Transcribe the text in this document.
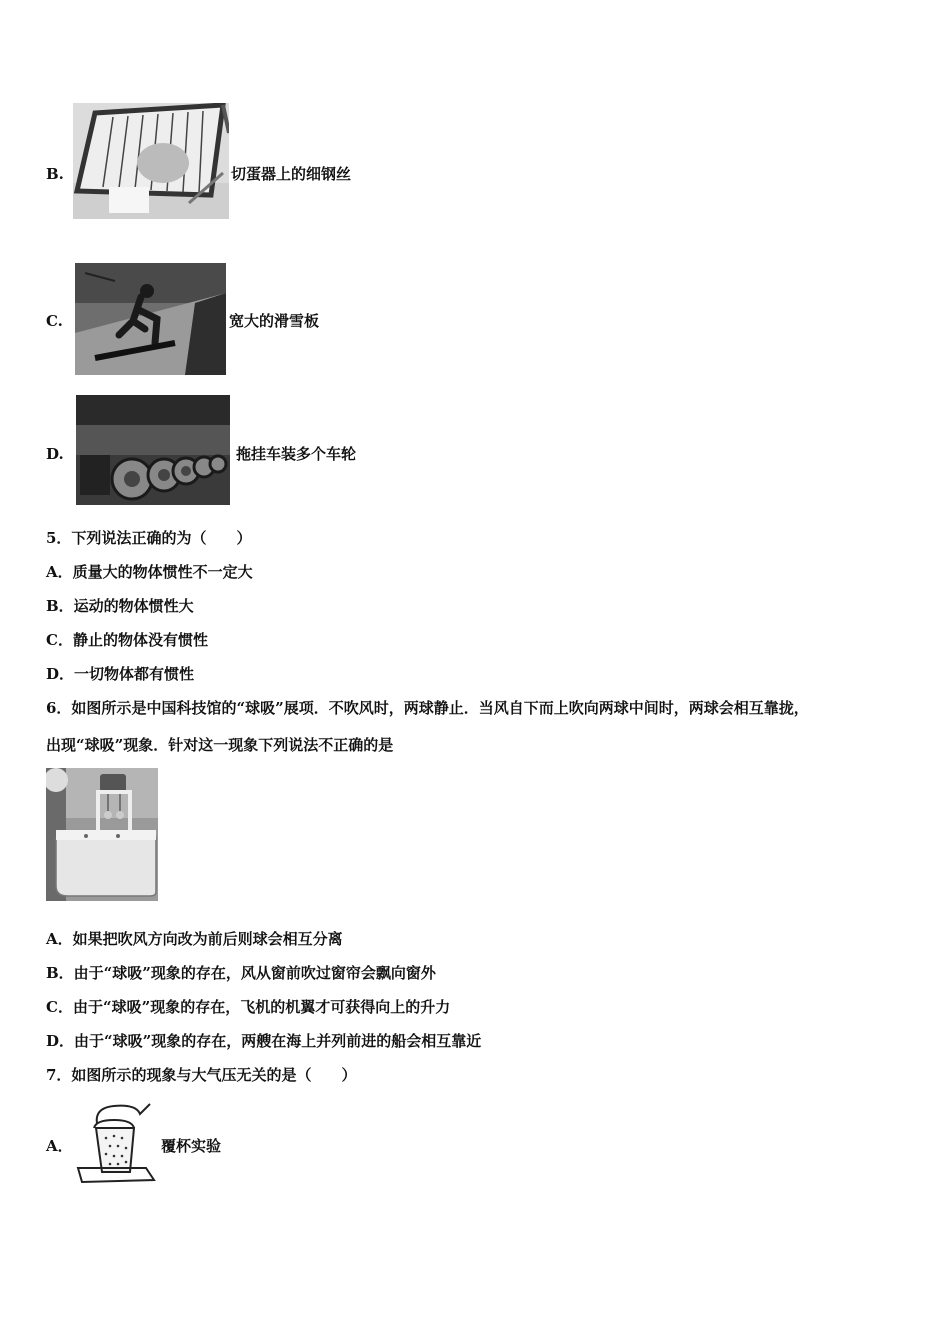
B.	切蛋器上的细钢丝
C.	宽大的滑雪板
D.	拖挂车装多个车轮
5．下列说法正确的为（　　）
A．质量大的物体惯性不一定大
B．运动的物体惯性大
C．静止的物体没有惯性
D．一切物体都有惯性
6．如图所示是中国科技馆的“球吸”展项．不吹风时，两球静止．当风自下而上吹向两球中间时，两球会相互靠拢，
出现“球吸”现象．针对这一现象下列说法不正确的是
A．如果把吹风方向改为前后则球会相互分离
B．由于“球吸”现象的存在，风从窗前吹过窗帘会飘向窗外
C．由于“球吸”现象的存在，飞机的机翼才可获得向上的升力
D．由于“球吸”现象的存在，两艘在海上并列前进的船会相互靠近
7．如图所示的现象与大气压无关的是（　　）
A．	覆杯实验
